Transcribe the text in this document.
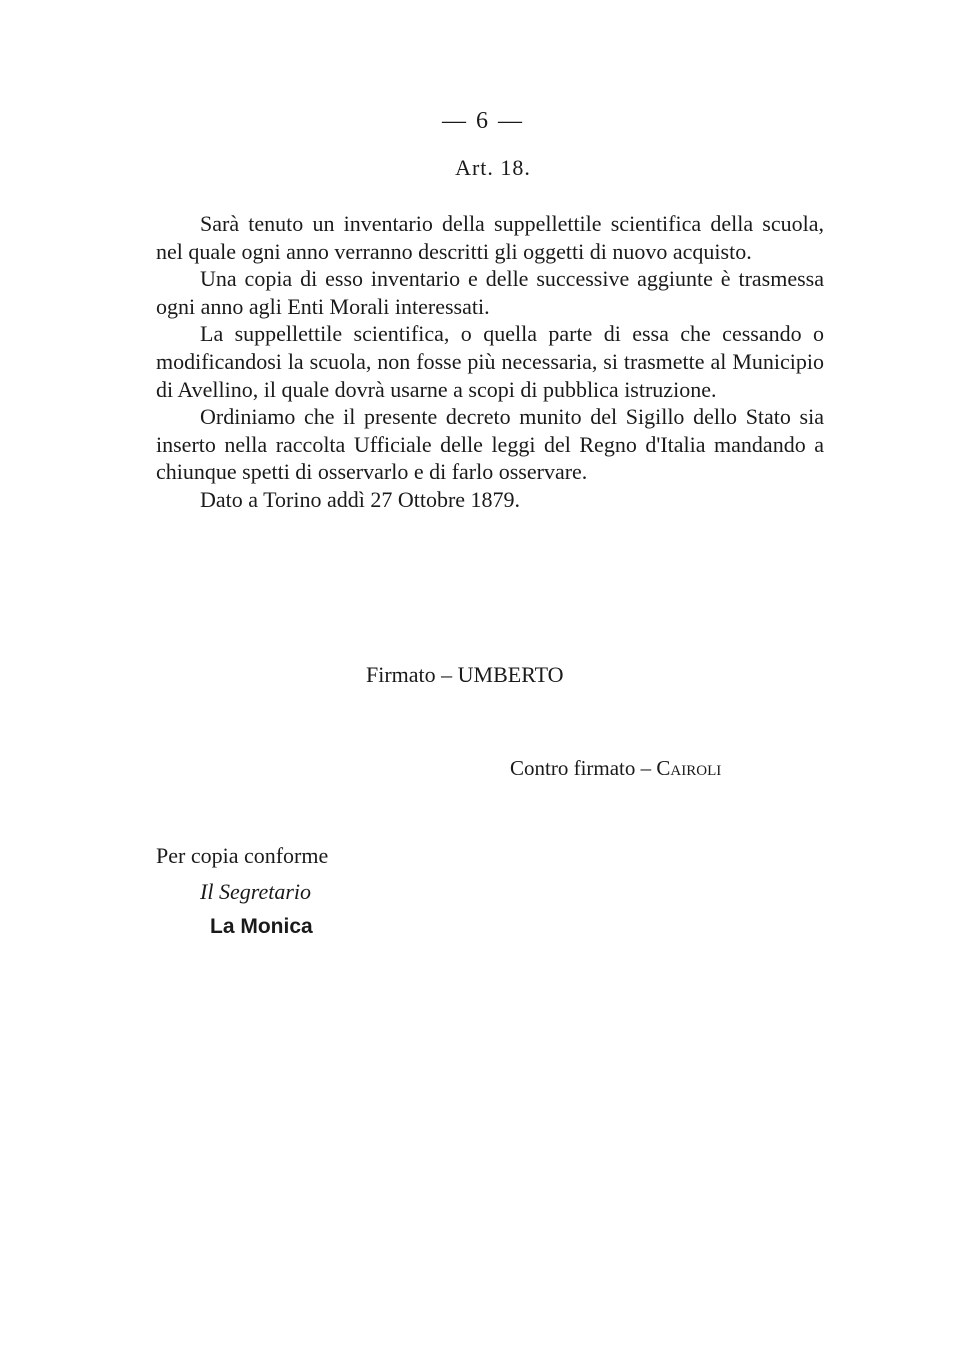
— 6 —
Art. 18.

Sarà tenuto un inventario della suppellettile scientifica della scuola, nel quale ogni anno verranno descritti gli oggetti di nuovo acquisto.

Una copia di esso inventario e delle successive aggiunte è trasmessa ogni anno agli Enti Morali interessati.

La suppellettile scientifica, o quella parte di essa che cessando o modificandosi la scuola, non fosse più necessaria, si trasmette al Municipio di Avellino, il quale dovrà usarne a scopi di pubblica istruzione.

Ordiniamo che il presente decreto munito del Sigillo dello Stato sia inserto nella raccolta Ufficiale delle leggi del Regno d'Italia mandando a chiunque spetti di osservarlo e di farlo osservare.

Dato a Torino addì 27 Ottobre 1879.

Firmato – UMBERTO
Contro firmato – Cairoli
Per copia conforme
Il Segretario
La Monica
